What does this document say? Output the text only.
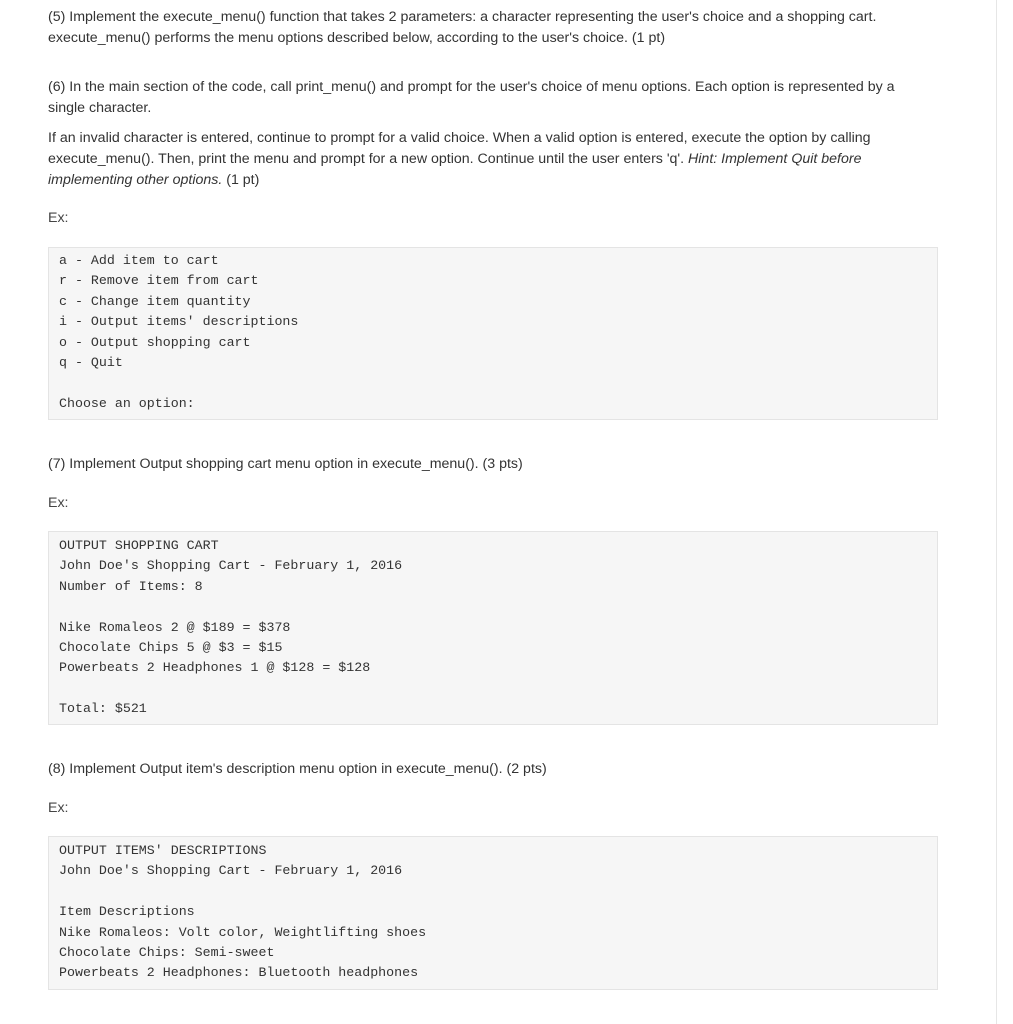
(5) Implement the execute_menu() function that takes 2 parameters: a character representing the user's choice and a shopping cart.

execute_menu() performs the menu options described below, according to the user's choice. (1 pt)

(6) In the main section of the code, call print_menu() and prompt for the user's choice of menu options. Each option is represented by a

single character.

If an invalid character is entered, continue to prompt for a valid choice. When a valid option is entered, execute the option by calling

execute_menu(). Then, print the menu and prompt for a new option. Continue until the user enters 'q'. Hint: Implement Quit before

implementing other options. (1 pt)

Ex:
a - Add item to cart
r - Remove item from cart
c - Change item quantity
i - Output items' descriptions
o - Output shopping cart
q - Quit
Choose an option:

(7) Implement Output shopping cart menu option in execute_menu(). (3 pts)

Ex:
OUTPUT SHOPPING CART
John Doe's Shopping Cart - February 1, 2016
Number of Items: 8
Nike Romaleos 2 @ $189 = $378
Chocolate Chips 5 @ $3 = $15
Powerbeats 2 Headphones 1 @ $128 = $128
Total: $521

(8) Implement Output item's description menu option in execute_menu(). (2 pts)

Ex:
OUTPUT ITEMS' DESCRIPTIONS
John Doe's Shopping Cart - February 1, 2016
Item Descriptions
Nike Romaleos: Volt color, Weightlifting shoes
Chocolate Chips: Semi-sweet
Powerbeats 2 Headphones: Bluetooth headphones
